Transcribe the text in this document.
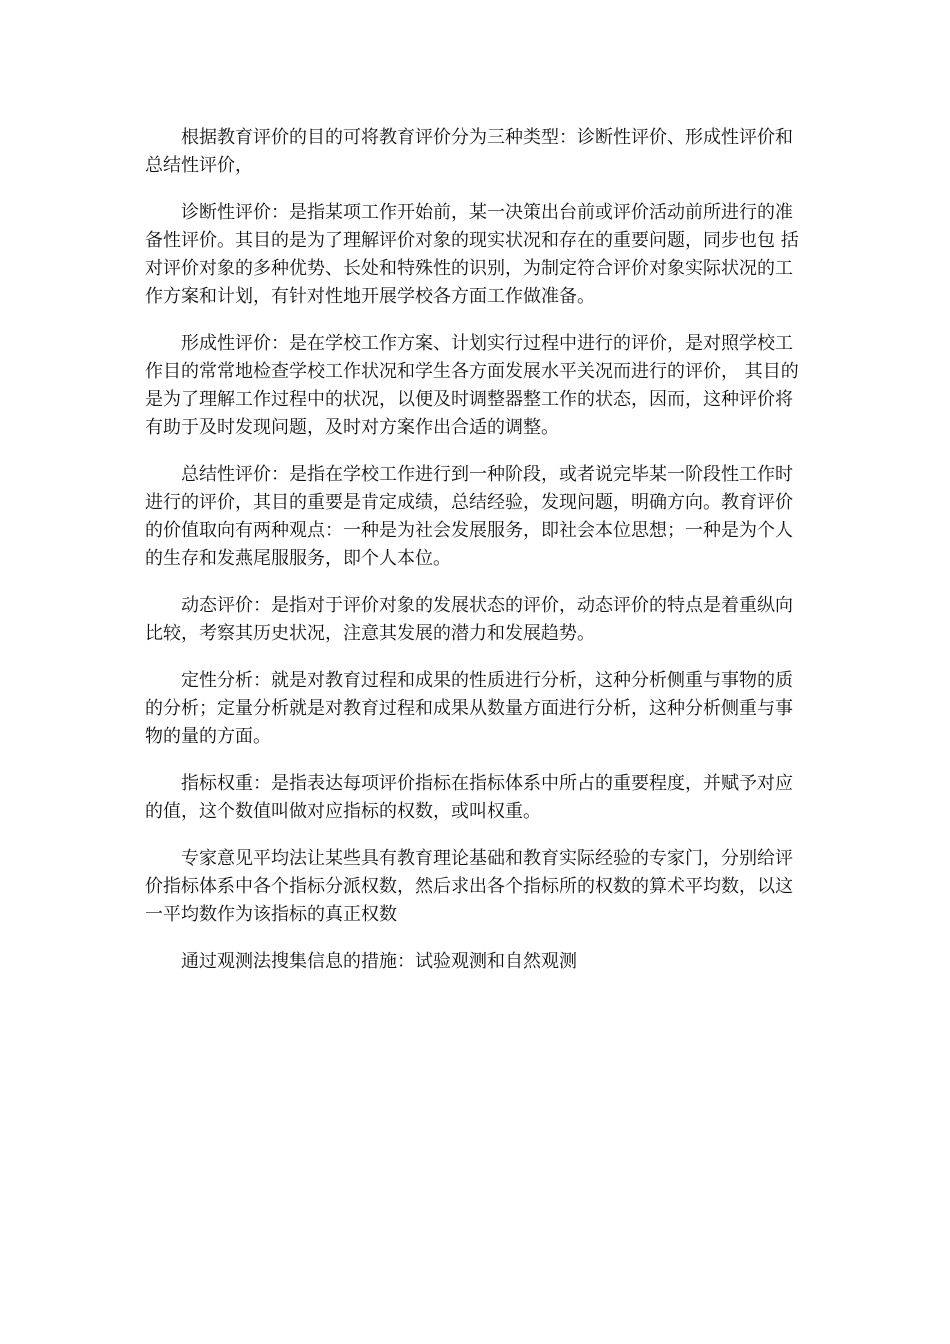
根据教育评价的目的可将教育评价分为三种类型：诊断性评价、形成性评价和总结性评价，

诊断性评价：是指某项工作开始前，某一决策出台前或评价活动前所进行的准备性评价。其目的是为了理解评价对象的现实状况和存在的重要问题，同步也包 括对评价对象的多种优势、长处和特殊性的识别，为制定符合评价对象实际状况的工作方案和计划，有针对性地开展学校各方面工作做准备。

形成性评价：是在学校工作方案、计划实行过程中进行的评价，是对照学校工作目的常常地检查学校工作状况和学生各方面发展水平关况而进行的评价， 其目的是为了理解工作过程中的状况，以便及时调整器整工作的状态，因而，这种评价将有助于及时发现问题，及时对方案作出合适的调整。

总结性评价：是指在学校工作进行到一种阶段，或者说完毕某一阶段性工作时进行的评价，其目的重要是肯定成绩，总结经验，发现问题，明确方向。教育评价的价值取向有两种观点：一种是为社会发展服务，即社会本位思想；一种是为个人的生存和发燕尾服服务，即个人本位。

动态评价：是指对于评价对象的发展状态的评价，动态评价的特点是着重纵向比较，考察其历史状况，注意其发展的潜力和发展趋势。

定性分析：就是对教育过程和成果的性质进行分析，这种分析侧重与事物的质的分析；定量分析就是对教育过程和成果从数量方面进行分析，这种分析侧重与事物的量的方面。

指标权重：是指表达每项评价指标在指标体系中所占的重要程度，并赋予对应的值，这个数值叫做对应指标的权数，或叫权重。

专家意见平均法让某些具有教育理论基础和教育实际经验的专家门，分别给评价指标体系中各个指标分派权数，然后求出各个指标所的权数的算术平均数，以这一平均数作为该指标的真正权数

通过观测法搜集信息的措施：试验观测和自然观测
